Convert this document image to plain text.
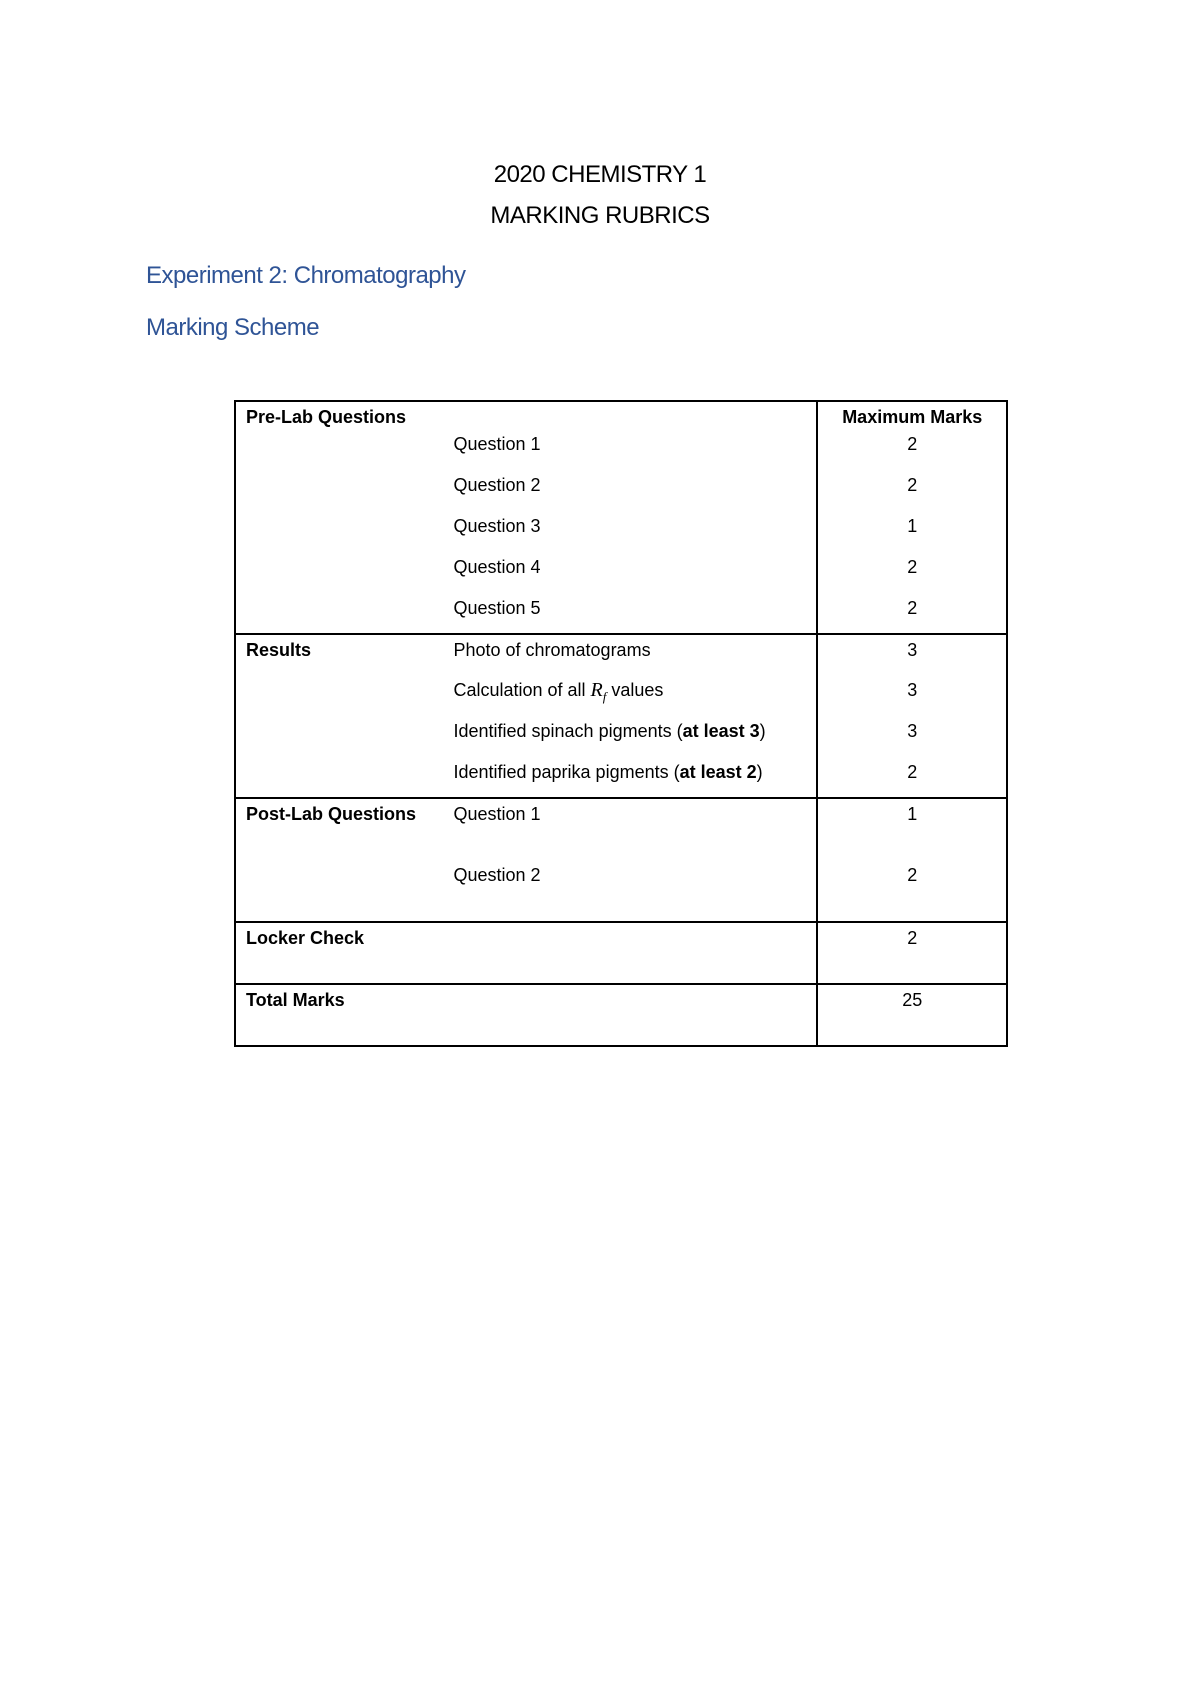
2020 CHEMISTRY 1
MARKING RUBRICS
Experiment 2: Chromatography
Marking Scheme
Pre-Lab Questions		Maximum Marks
	Question 1	2
	Question 2	2
	Question 3	1
	Question 4	2
	Question 5	2
Results	Photo of chromatograms	3
	Calculation of all $R_f$ values	3
	Identified spinach pigments (at least 3)	3
	Identified paprika pigments (at least 2)	2
Post-Lab Questions	Question 1	1
	Question 2	2
Locker Check		2
Total Marks		25
